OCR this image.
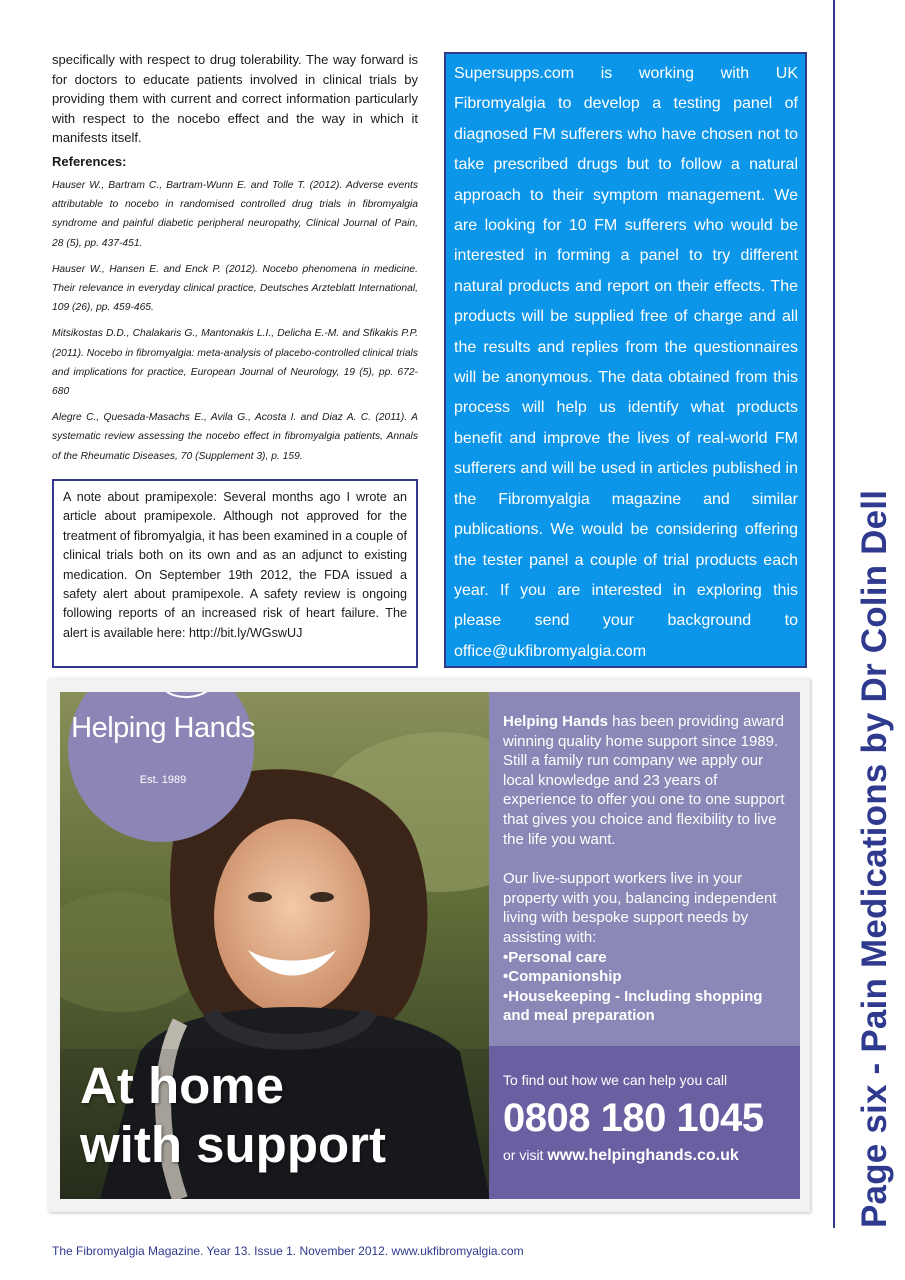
specifically with respect to drug tolerability. The way forward is for doctors to educate patients involved in clinical trials by providing them with current and correct information particularly with respect to the nocebo effect and the way in which it manifests itself.

References:

Hauser W., Bartram C., Bartram-Wunn E. and Tolle T. (2012). Adverse events attributable to nocebo in randomised controlled drug trials in fibromyalgia syndrome and painful diabetic peripheral neuropathy, Clinical Journal of Pain, 28 (5), pp. 437-451.

Hauser W., Hansen E. and Enck P. (2012). Nocebo phenomena in medicine. Their relevance in everyday clinical practice, Deutsches Arzteblatt International, 109 (26), pp. 459-465.

Mitsikostas D.D., Chalakaris G., Mantonakis L.I., Delicha E.-M. and Sfikakis P.P. (2011). Nocebo in fibromyalgia: meta-analysis of placebo-controlled clinical trials and implications for practice, European Journal of Neurology, 19 (5), pp. 672-680

Alegre C., Quesada-Masachs E., Avila G., Acosta I. and Diaz A. C. (2011). A systematic review assessing the nocebo effect in fibromyalgia patients, Annals of the Rheumatic Diseases, 70 (Supplement 3), p. 159.

A note about pramipexole: Several months ago I wrote an article about pramipexole. Although not approved for the treatment of fibromyalgia, it has been examined in a couple of clinical trials both on its own and as an adjunct to existing medication. On September 19th 2012, the FDA issued a safety alert about pramipexole. A safety review is ongoing following reports of an increased risk of heart failure. The alert is available here: http://bit.ly/WGswUJ

Supersupps.com is working with UK Fibromyalgia to develop a testing panel of diagnosed FM sufferers who have chosen not to take prescribed drugs but to follow a natural approach to their symptom management. We are looking for 10 FM sufferers who would be interested in forming a panel to try different natural products and report on their effects. The products will be supplied free of charge and all the results and replies from the questionnaires will be anonymous. The data obtained from this process will help us identify what products benefit and improve the lives of real-world FM sufferers and will be used in articles published in the Fibromyalgia magazine and similar publications. We would be considering offering the tester panel a couple of trial products each year. If you are interested in exploring this please send your background to office@ukfibromyalgia.com

Helping Hands
Est. 1989

At home

with support

Helping Hands has been providing award winning quality home support since 1989. Still a family run company we apply our local knowledge and 23 years of experience to offer you one to one support that gives you choice and flexibility to live the life you want.

Our live-support workers live in your property with you, balancing independent living with bespoke support needs by assisting with:

•Personal care
•Companionship
•Housekeeping - Including shopping and meal preparation

To find out how we can help you call

0808 180 1045

or visit www.helpinghands.co.uk	Page six - Pain Medications by Dr Colin Dell

The Fibromyalgia Magazine. Year 13. Issue 1. November 2012. www.ukfibromyalgia.com
